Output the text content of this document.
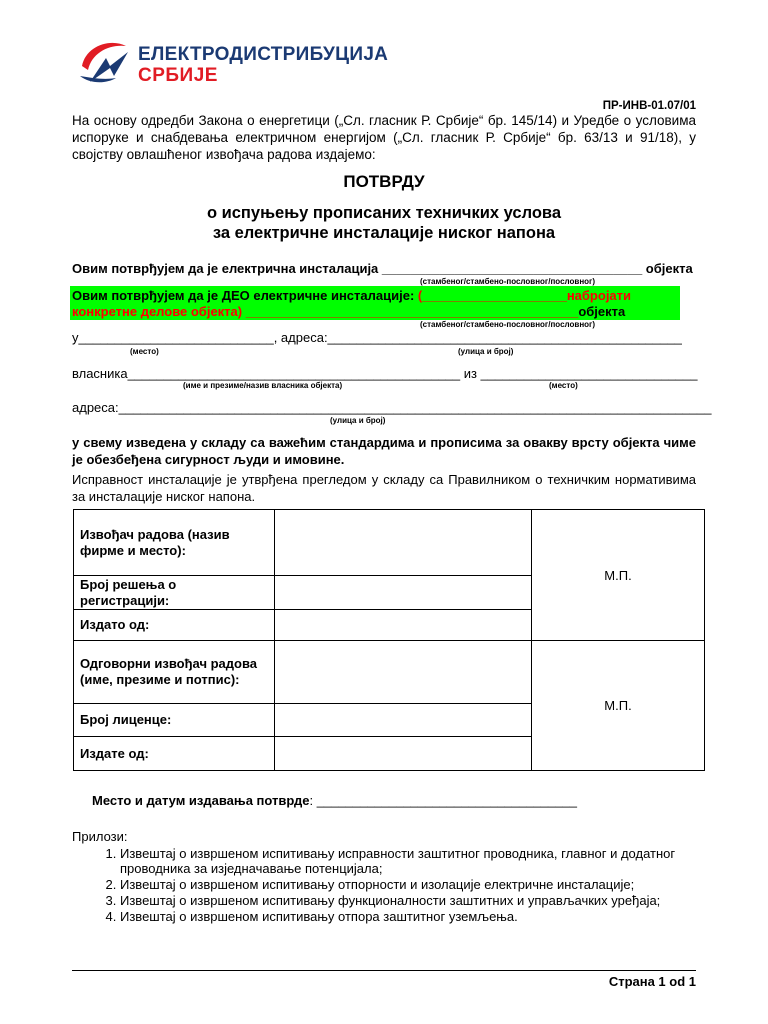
ЕЛЕКТРОДИСТРИБУЦИЈА
СРБИЈЕ
ПР-ИНВ-01.07/01
На основу одредби Закона о енергетици („Сл. гласник Р. Србије“ бр. 145/14) и Уредбе о условима испоруке и снабдевања електричном енергијом („Сл. гласник Р. Србије“ бр. 63/13 и 91/18), у својству овлашћеног извођача радова издајемо:
ПОТВРДУ
о испуњењу прописаних техничких услова
за електричне инсталације ниског напона
Овим потврђујем да је електрична инсталација ____________________________________ објекта
(стамбеног/стамбено-пословног/пословног)
Овим потврђујем да је ДЕО електричне инсталације: (____________________набројати конкретне делове објекта) ______________________________________________објекта
(стамбеног/стамбено-пословног/пословног)
у___________________________, адреса:_________________________________________________
(место)	(улица и број)
власника______________________________________________ из ______________________________
(име и презиме/назив власника објекта)	(место)
адреса:__________________________________________________________________________________
(улица и број)
у свему изведена у складу са важећим стандардима и прописима за овакву врсту објекта чиме је обезбеђена сигурност људи и имовине.
Исправност инсталације је утврђена прегледом у складу са Правилником о техничким нормативима за инсталације ниског напона.
Извођач радова (назив фирме и место):		М.П.
Број решења о регистрацији:		
Издато од:		
Одговорни извођач радова (име, презиме и потпис):		М.П.
Број лиценце:		
Издате од:		
Место и датум издавања потврде: ____________________________________
Прилози:
1. Извештај о извршеном испитивању исправности заштитног проводника, главног и додатног проводника за изједначавање потенцијала;
2. Извештај о извршеном испитивању отпорности и изолације електричне инсталације;
3. Извештај о извршеном испитивању функционалности заштитних и управљачких уређаја;
4. Извештај о извршеном испитивању отпора заштитног уземљења.
Страна 1 od 1
